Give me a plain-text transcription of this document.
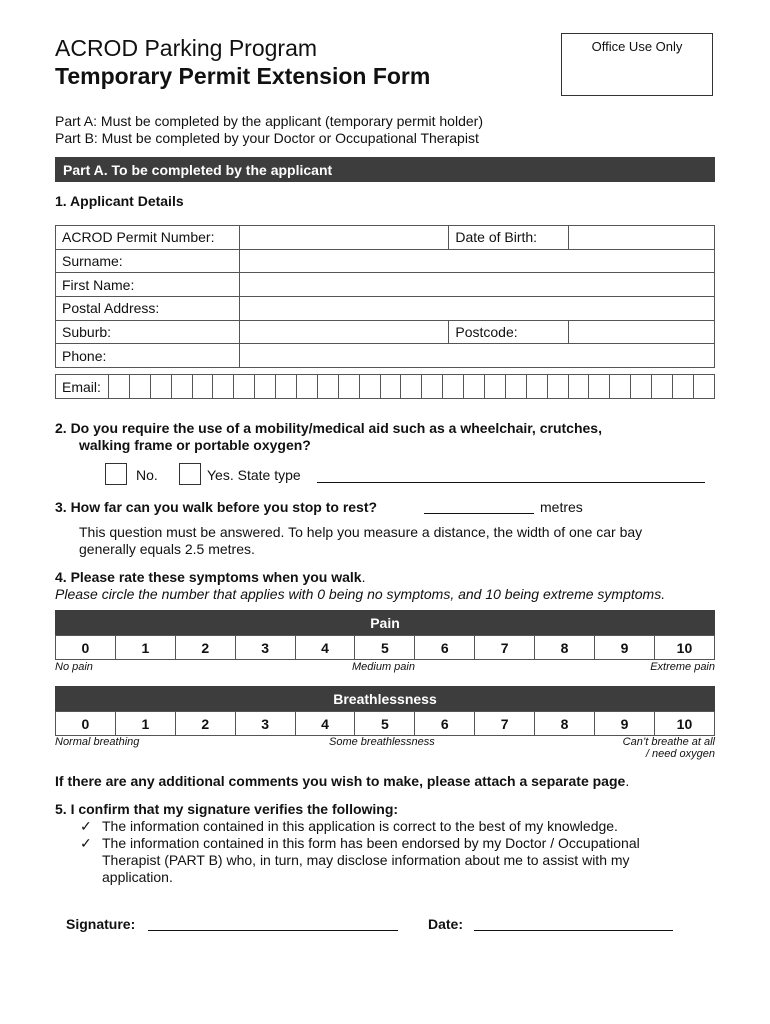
ACROD Parking Program
Temporary Permit Extension Form
Office Use Only
Part A: Must be completed by the applicant (temporary permit holder)
Part B: Must be completed by your Doctor or Occupational Therapist
Part A. To be completed by the applicant
1. Applicant Details
ACROD Permit Number:		Date of Birth:	
Surname:			
First Name:			
Postal Address:			
Suburb:		Postcode:	
Phone:			
Email:
2. Do you require the use of a mobility/medical aid such as a wheelchair, crutches,
walking frame or portable oxygen?
No.	Yes. State type
3. How far can you walk before you stop to rest?	metres
This question must be answered. To help you measure a distance, the width of one car bay
generally equals 2.5 metres.
4. Please rate these symptoms when you walk.
Please circle the number that applies with 0 being no symptoms, and 10 being extreme symptoms.
Pain
0	1	2	3	4	5	6	7	8	9	10
No pain	Medium pain	Extreme pain
Breathlessness
0	1	2	3	4	5	6	7	8	9	10
Normal breathing	Some breathlessness	Can’t breathe at all
/ need oxygen
If there are any additional comments you wish to make, please attach a separate page.
5. I confirm that my signature verifies the following:
✓ The information contained in this application is correct to the best of my knowledge.
✓ The information contained in this form has been endorsed by my Doctor / Occupational
Therapist (PART B) who, in turn, may disclose information about me to assist with my
application.
Signature:	Date:
